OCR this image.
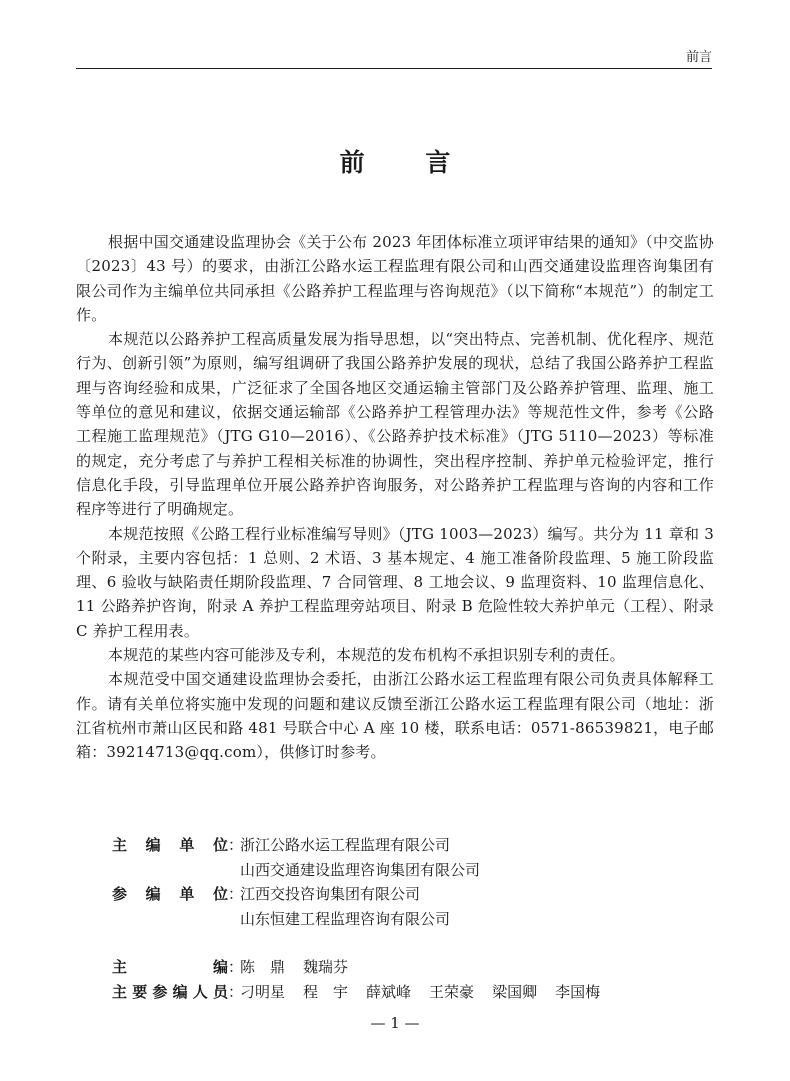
前言
前 言

根据中国交通建设监理协会《关于公布 2023 年团体标准立项评审结果的通知》（中交监协〔2023〕43 号）的要求，由浙江公路水运工程监理有限公司和山西交通建设监理咨询集团有限公司作为主编单位共同承担《公路养护工程监理与咨询规范》（以下简称“本规范”）的制定工作。

本规范以公路养护工程高质量发展为指导思想，以“突出特点、完善机制、优化程序、规范行为、创新引领”为原则，编写组调研了我国公路养护发展的现状，总结了我国公路养护工程监理与咨询经验和成果，广泛征求了全国各地区交通运输主管部门及公路养护管理、监理、施工等单位的意见和建议，依据交通运输部《公路养护工程管理办法》等规范性文件，参考《公路工程施工监理规范》（JTG G10—2016）、《公路养护技术标准》（JTG 5110—2023）等标准的规定，充分考虑了与养护工程相关标准的协调性，突出程序控制、养护单元检验评定，推行信息化手段，引导监理单位开展公路养护咨询服务，对公路养护工程监理与咨询的内容和工作程序等进行了明确规定。

本规范按照《公路工程行业标准编写导则》（JTG 1003—2023）编写。共分为 11 章和 3 个附录，主要内容包括：1 总则、2 术语、3 基本规定、4 施工准备阶段监理、5 施工阶段监理、6 验收与缺陷责任期阶段监理、7 合同管理、8 工地会议、9 监理资料、10 监理信息化、11 公路养护咨询，附录 A 养护工程监理旁站项目、附录 B 危险性较大养护单元（工程）、附录 C 养护工程用表。

本规范的某些内容可能涉及专利，本规范的发布机构不承担识别专利的责任。

本规范受中国交通建设监理协会委托，由浙江公路水运工程监理有限公司负责具体解释工作。请有关单位将实施中发现的问题和建议反馈至浙江公路水运工程监理有限公司（地址：浙江省杭州市萧山区民和路 481 号联合中心 A 座 10 楼，联系电话：0571-86539821，电子邮箱：39214713@qq.com），供修订时参考。

主编单位 ：
浙江公路水运工程监理有限公司
山西交通建设监理咨询集团有限公司
参编单位 ：
江西交投咨询集团有限公司
山东恒建工程监理咨询有限公司
主编 ：
陈　鼎 魏瑞芬
主要参编人员 ：
刁明星 程　宇 薛斌峰 王荣豪 梁国卿 李国梅
— 1 —
